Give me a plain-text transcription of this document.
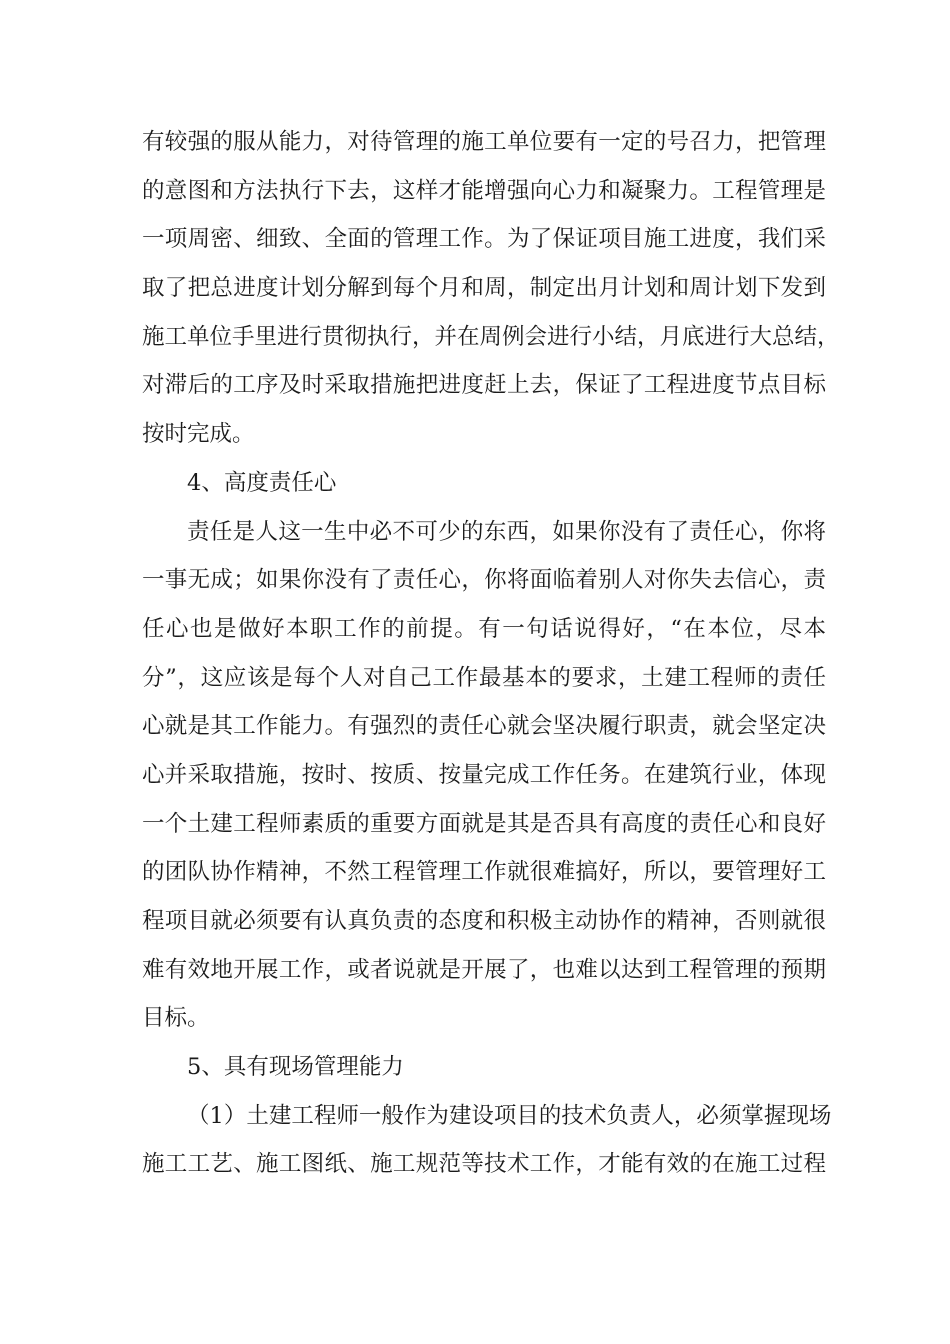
有较强的服从能力，对待管理的施工单位要有一定的号召力，把管理
的意图和方法执行下去，这样才能增强向心力和凝聚力。工程管理是
一项周密、细致、全面的管理工作。为了保证项目施工进度，我们采
取了把总进度计划分解到每个月和周，制定出月计划和周计划下发到
施工单位手里进行贯彻执行，并在周例会进行小结，月底进行大总结，
对滞后的工序及时采取措施把进度赶上去，保证了工程进度节点目标
按时完成。
4、高度责任心
责任是人这一生中必不可少的东西，如果你没有了责任心，你将
一事无成；如果你没有了责任心，你将面临着别人对你失去信心，责
任心也是做好本职工作的前提。有一句话说得好，“在本位，尽本
分”，这应该是每个人对自己工作最基本的要求，土建工程师的责任
心就是其工作能力。有强烈的责任心就会坚决履行职责，就会坚定决
心并采取措施，按时、按质、按量完成工作任务。在建筑行业，体现
一个土建工程师素质的重要方面就是其是否具有高度的责任心和良好
的团队协作精神，不然工程管理工作就很难搞好，所以，要管理好工
程项目就必须要有认真负责的态度和积极主动协作的精神，否则就很
难有效地开展工作，或者说就是开展了，也难以达到工程管理的预期
目标。
5、具有现场管理能力
（1）土建工程师一般作为建设项目的技术负责人，必须掌握现场
施工工艺、施工图纸、施工规范等技术工作，才能有效的在施工过程
